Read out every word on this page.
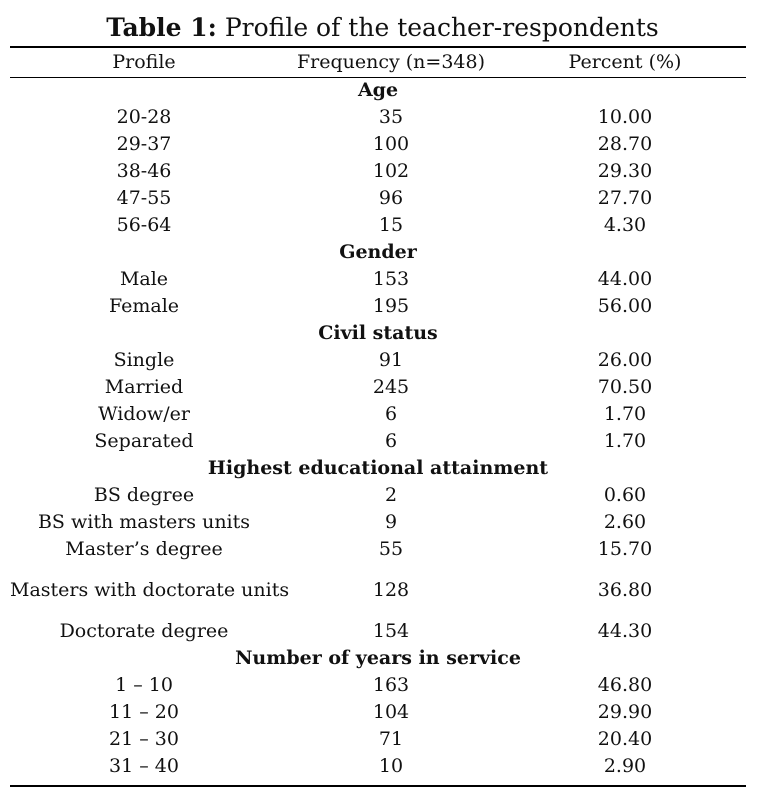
Table 1: Profile of the teacher-respondents
Profile	Frequency (n=348)	Percent (%)
Age		
20-28	35	10.00
29-37	100	28.70
38-46	102	29.30
47-55	96	27.70
56-64	15	4.30
Gender		
Male	153	44.00
Female	195	56.00
Civil status		
Single	91	26.00
Married	245	70.50
Widow/er	6	1.70
Separated	6	1.70
Highest educational attainment		
BS degree	2	0.60
BS with masters units	9	2.60
Master’s degree	55	15.70
Masters with doctorate units	128	36.80
Doctorate degree	154	44.30
Number of years in service		
1 – 10	163	46.80
11 – 20	104	29.90
21 – 30	71	20.40
31 – 40	10	2.90
